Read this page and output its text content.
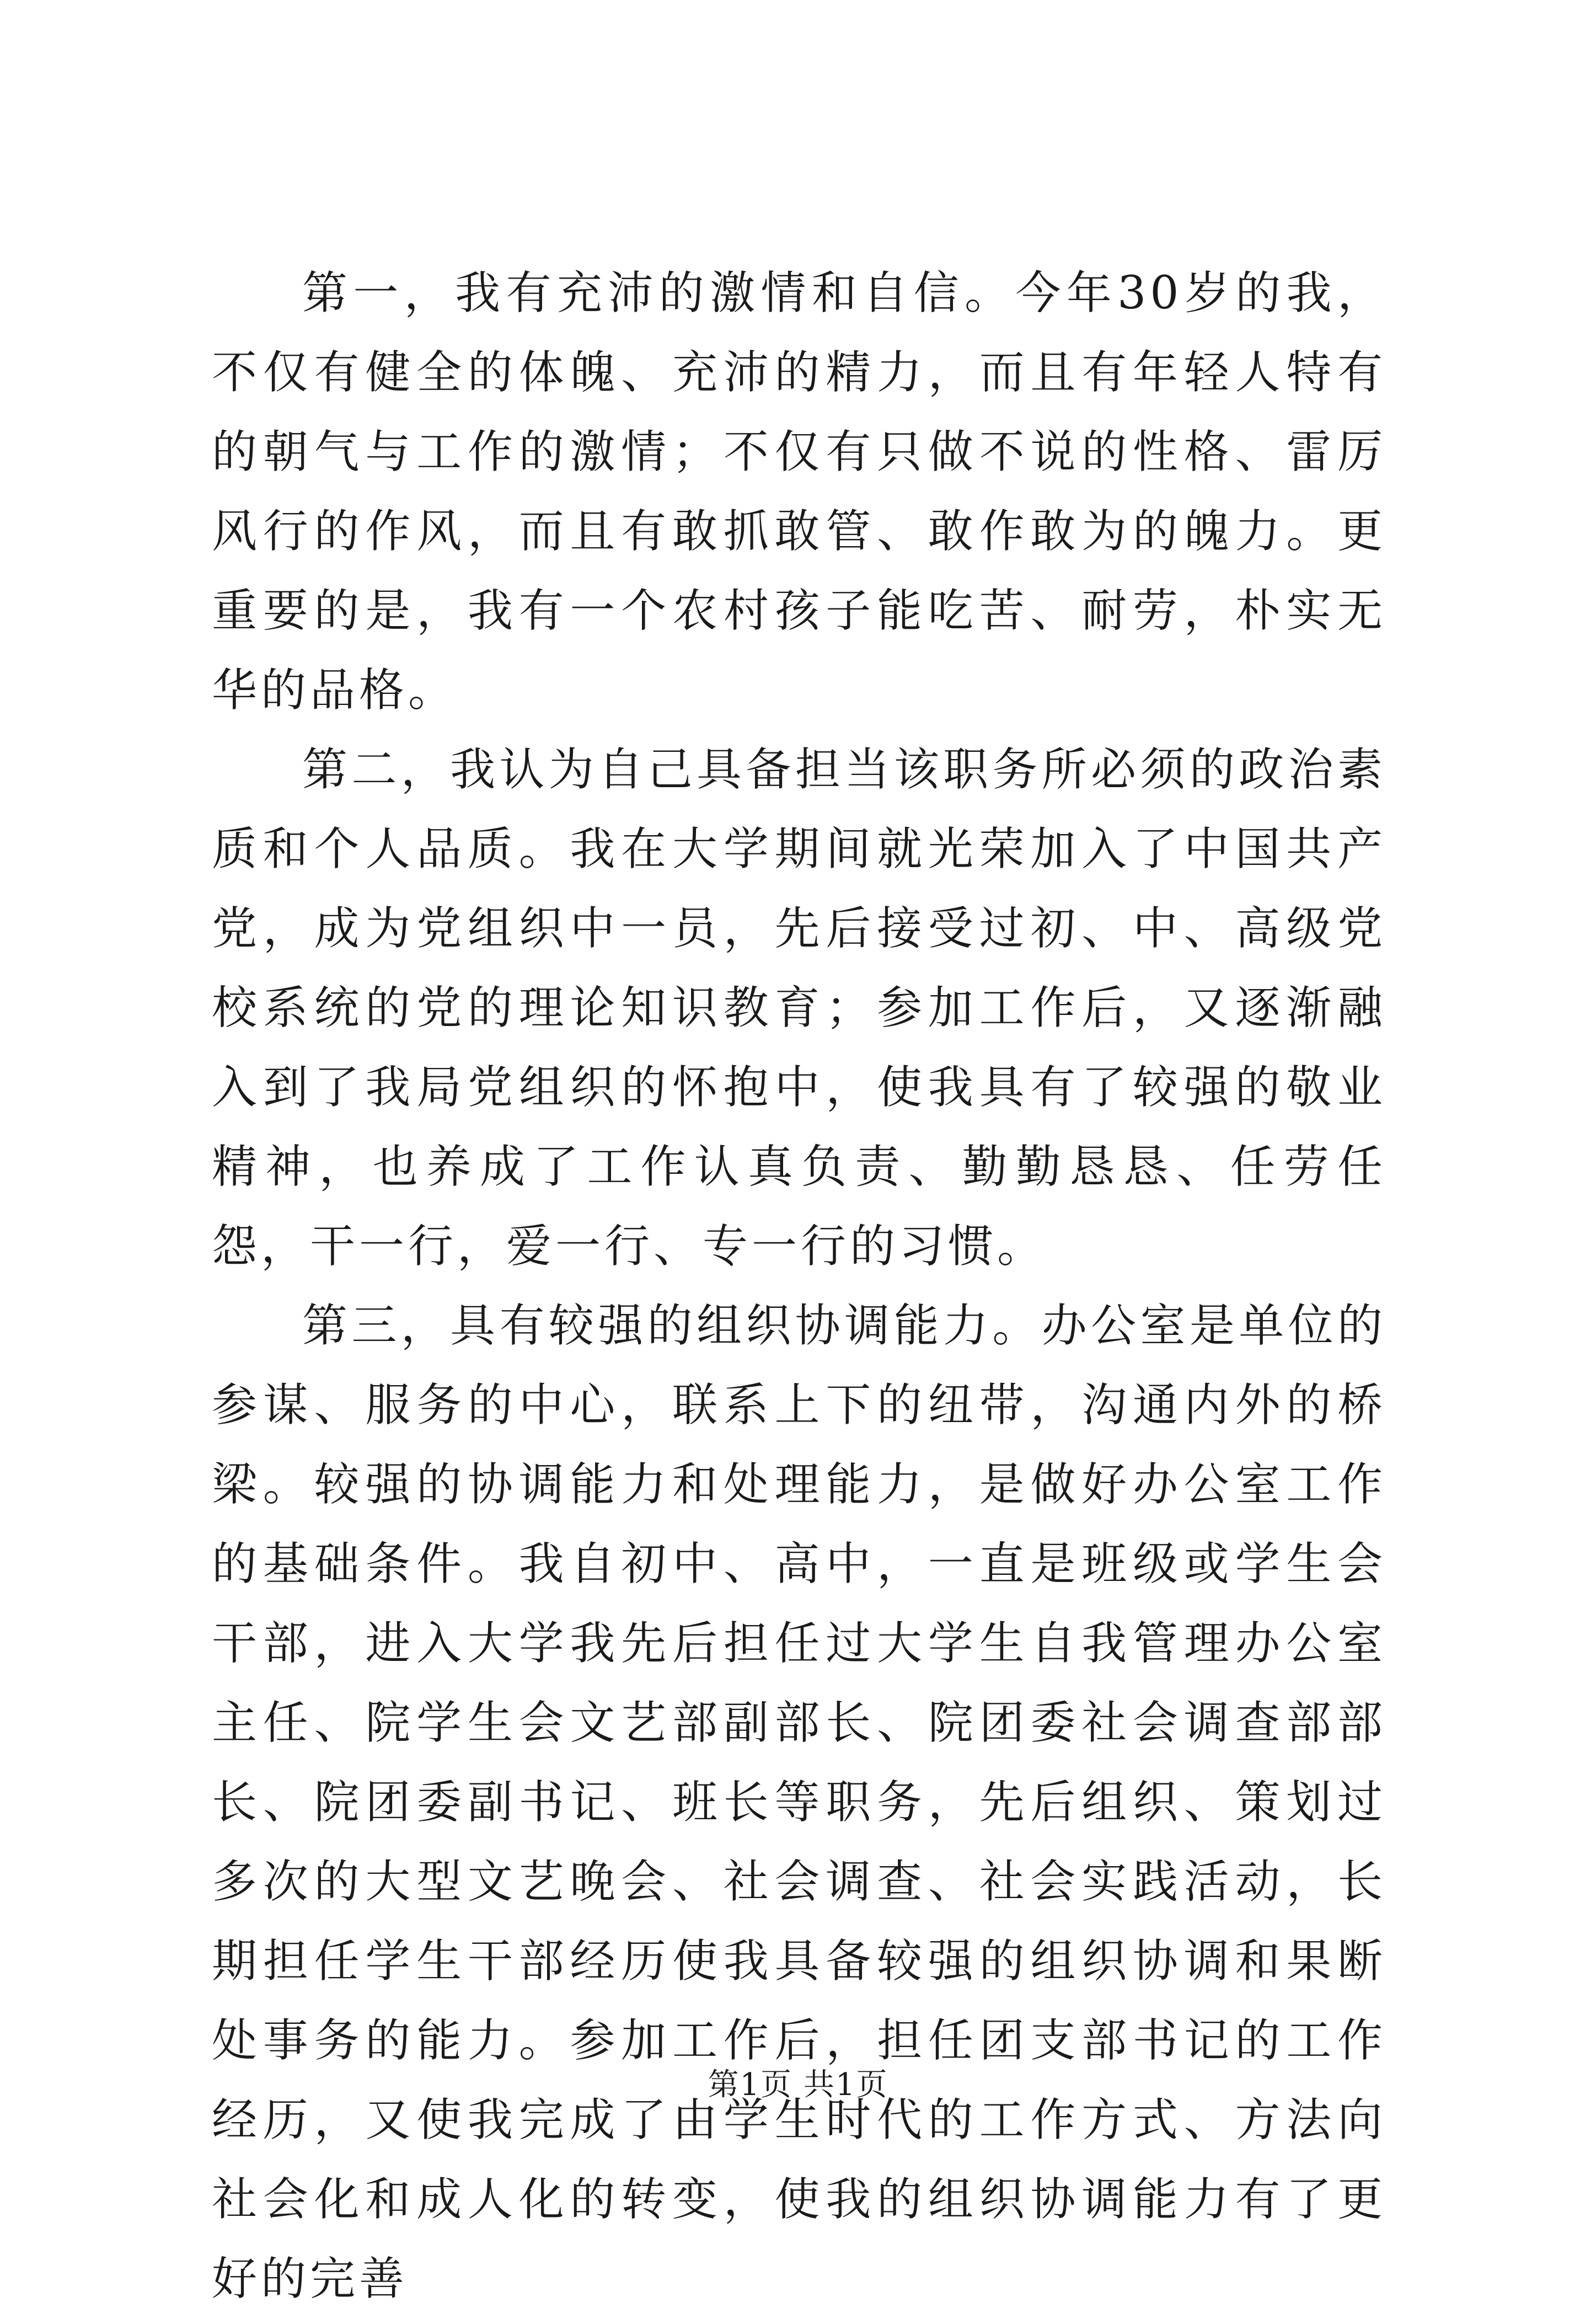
第一，我有充沛的激情和自信。今年30岁的我，不仅有健全的体魄、充沛的精力，而且有年轻人特有的朝气与工作的激情；不仅有只做不说的性格、雷厉风行的作风，而且有敢抓敢管、敢作敢为的魄力。更重要的是，我有一个农村孩子能吃苦、耐劳，朴实无华的品格。

第二，我认为自己具备担当该职务所必须的政治素质和个人品质。我在大学期间就光荣加入了中国共产党，成为党组织中一员，先后接受过初、中、高级党校系统的党的理论知识教育；参加工作后，又逐渐融入到了我局党组织的怀抱中，使我具有了较强的敬业精神，也养成了工作认真负责、勤勤恳恳、任劳任怨，干一行，爱一行、专一行的习惯。

第三，具有较强的组织协调能力。办公室是单位的参谋、服务的中心，联系上下的纽带，沟通内外的桥梁。较强的协调能力和处理能力，是做好办公室工作的基础条件。我自初中、高中，一直是班级或学生会干部，进入大学我先后担任过大学生自我管理办公室主任、院学生会文艺部副部长、院团委社会调查部部长、院团委副书记、班长等职务，先后组织、策划过多次的大型文艺晚会、社会调查、社会实践活动，长期担任学生干部经历使我具备较强的组织协调和果断处事务的能力。参加工作后，担任团支部书记的工作经历，又使我完成了由学生时代的工作方式、方法向社会化和成人化的转变，使我的组织协调能力有了更好的完善

第1页 共1页
